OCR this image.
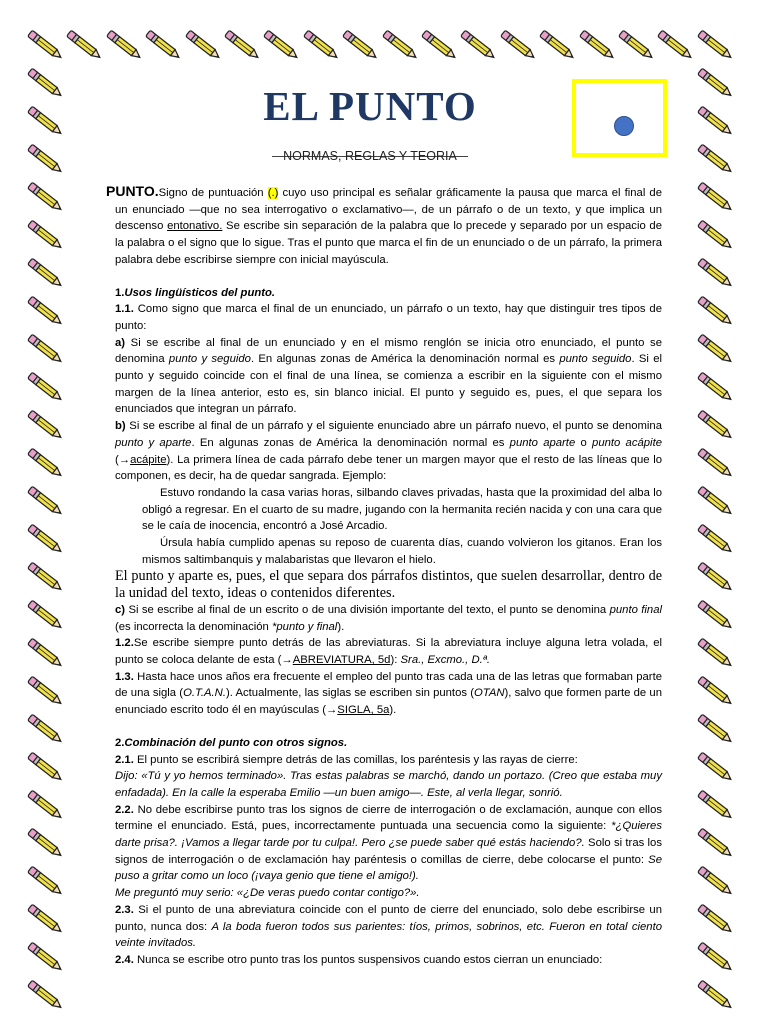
EL PUNTO
NORMAS, REGLAS Y TEORIA

PUNTO.Signo de puntuación (.) cuyo uso principal es señalar gráficamente la pausa que marca el final de un enunciado —que no sea interrogativo o exclamativo—, de un párrafo o de un texto, y que implica un descenso entonativo. Se escribe sin separación de la palabra que lo precede y separado por un espacio de la palabra o el signo que lo sigue. Tras el punto que marca el fin de un enunciado o de un párrafo, la primera palabra debe escribirse siempre con inicial mayúscula.

1.Usos lingüísticos del punto.

1.1. Como signo que marca el final de un enunciado, un párrafo o un texto, hay que distinguir tres tipos de punto:

a) Si se escribe al final de un enunciado y en el mismo renglón se inicia otro enunciado, el punto se denomina punto y seguido. En algunas zonas de América la denominación normal es punto seguido. Si el punto y seguido coincide con el final de una línea, se comienza a escribir en la siguiente con el mismo margen de la línea anterior, esto es, sin blanco inicial. El punto y seguido es, pues, el que separa los enunciados que integran un párrafo.

b) Si se escribe al final de un párrafo y el siguiente enunciado abre un párrafo nuevo, el punto se denomina punto y aparte. En algunas zonas de América la denominación normal es punto aparte o punto acápite (→acápite). La primera línea de cada párrafo debe tener un margen mayor que el resto de las líneas que lo componen, es decir, ha de quedar sangrada. Ejemplo:

Estuvo rondando la casa varias horas, silbando claves privadas, hasta que la proximidad del alba lo obligó a regresar. En el cuarto de su madre, jugando con la hermanita recién nacida y con una cara que se le caía de inocencia, encontró a José Arcadio.

Úrsula había cumplido apenas su reposo de cuarenta días, cuando volvieron los gitanos. Eran los mismos saltimbanquis y malabaristas que llevaron el hielo.

El punto y aparte es, pues, el que separa dos párrafos distintos, que suelen desarrollar, dentro de la unidad del texto, ideas o contenidos diferentes.

c) Si se escribe al final de un escrito o de una división importante del texto, el punto se denomina punto final (es incorrecta la denominación *punto y final).

1.2.Se escribe siempre punto detrás de las abreviaturas. Si la abreviatura incluye alguna letra volada, el punto se coloca delante de esta (→ABREVIATURA, 5d): Sra., Excmo., D.ª.

1.3. Hasta hace unos años era frecuente el empleo del punto tras cada una de las letras que formaban parte de una sigla (O.T.A.N.). Actualmente, las siglas se escriben sin puntos (OTAN), salvo que formen parte de un enunciado escrito todo él en mayúsculas (→SIGLA, 5a).

2.Combinación del punto con otros signos.

2.1. El punto se escribirá siempre detrás de las comillas, los paréntesis y las rayas de cierre:

Dijo: «Tú y yo hemos terminado». Tras estas palabras se marchó, dando un portazo. (Creo que estaba muy enfadada). En la calle la esperaba Emilio —un buen amigo—. Este, al verla llegar, sonrió.

2.2. No debe escribirse punto tras los signos de cierre de interrogación o de exclamación, aunque con ellos termine el enunciado. Está, pues, incorrectamente puntuada una secuencia como la siguiente: *¿Quieres darte prisa?. ¡Vamos a llegar tarde por tu culpa!. Pero ¿se puede saber qué estás haciendo?. Solo si tras los signos de interrogación o de exclamación hay paréntesis o comillas de cierre, debe colocarse el punto: Se puso a gritar como un loco (¡vaya genio que tiene el amigo!).

Me preguntó muy serio: «¿De veras puedo contar contigo?».

2.3. Si el punto de una abreviatura coincide con el punto de cierre del enunciado, solo debe escribirse un punto, nunca dos: A la boda fueron todos sus parientes: tíos, primos, sobrinos, etc. Fueron en total ciento veinte invitados.

2.4. Nunca se escribe otro punto tras los puntos suspensivos cuando estos cierran un enunciado:
